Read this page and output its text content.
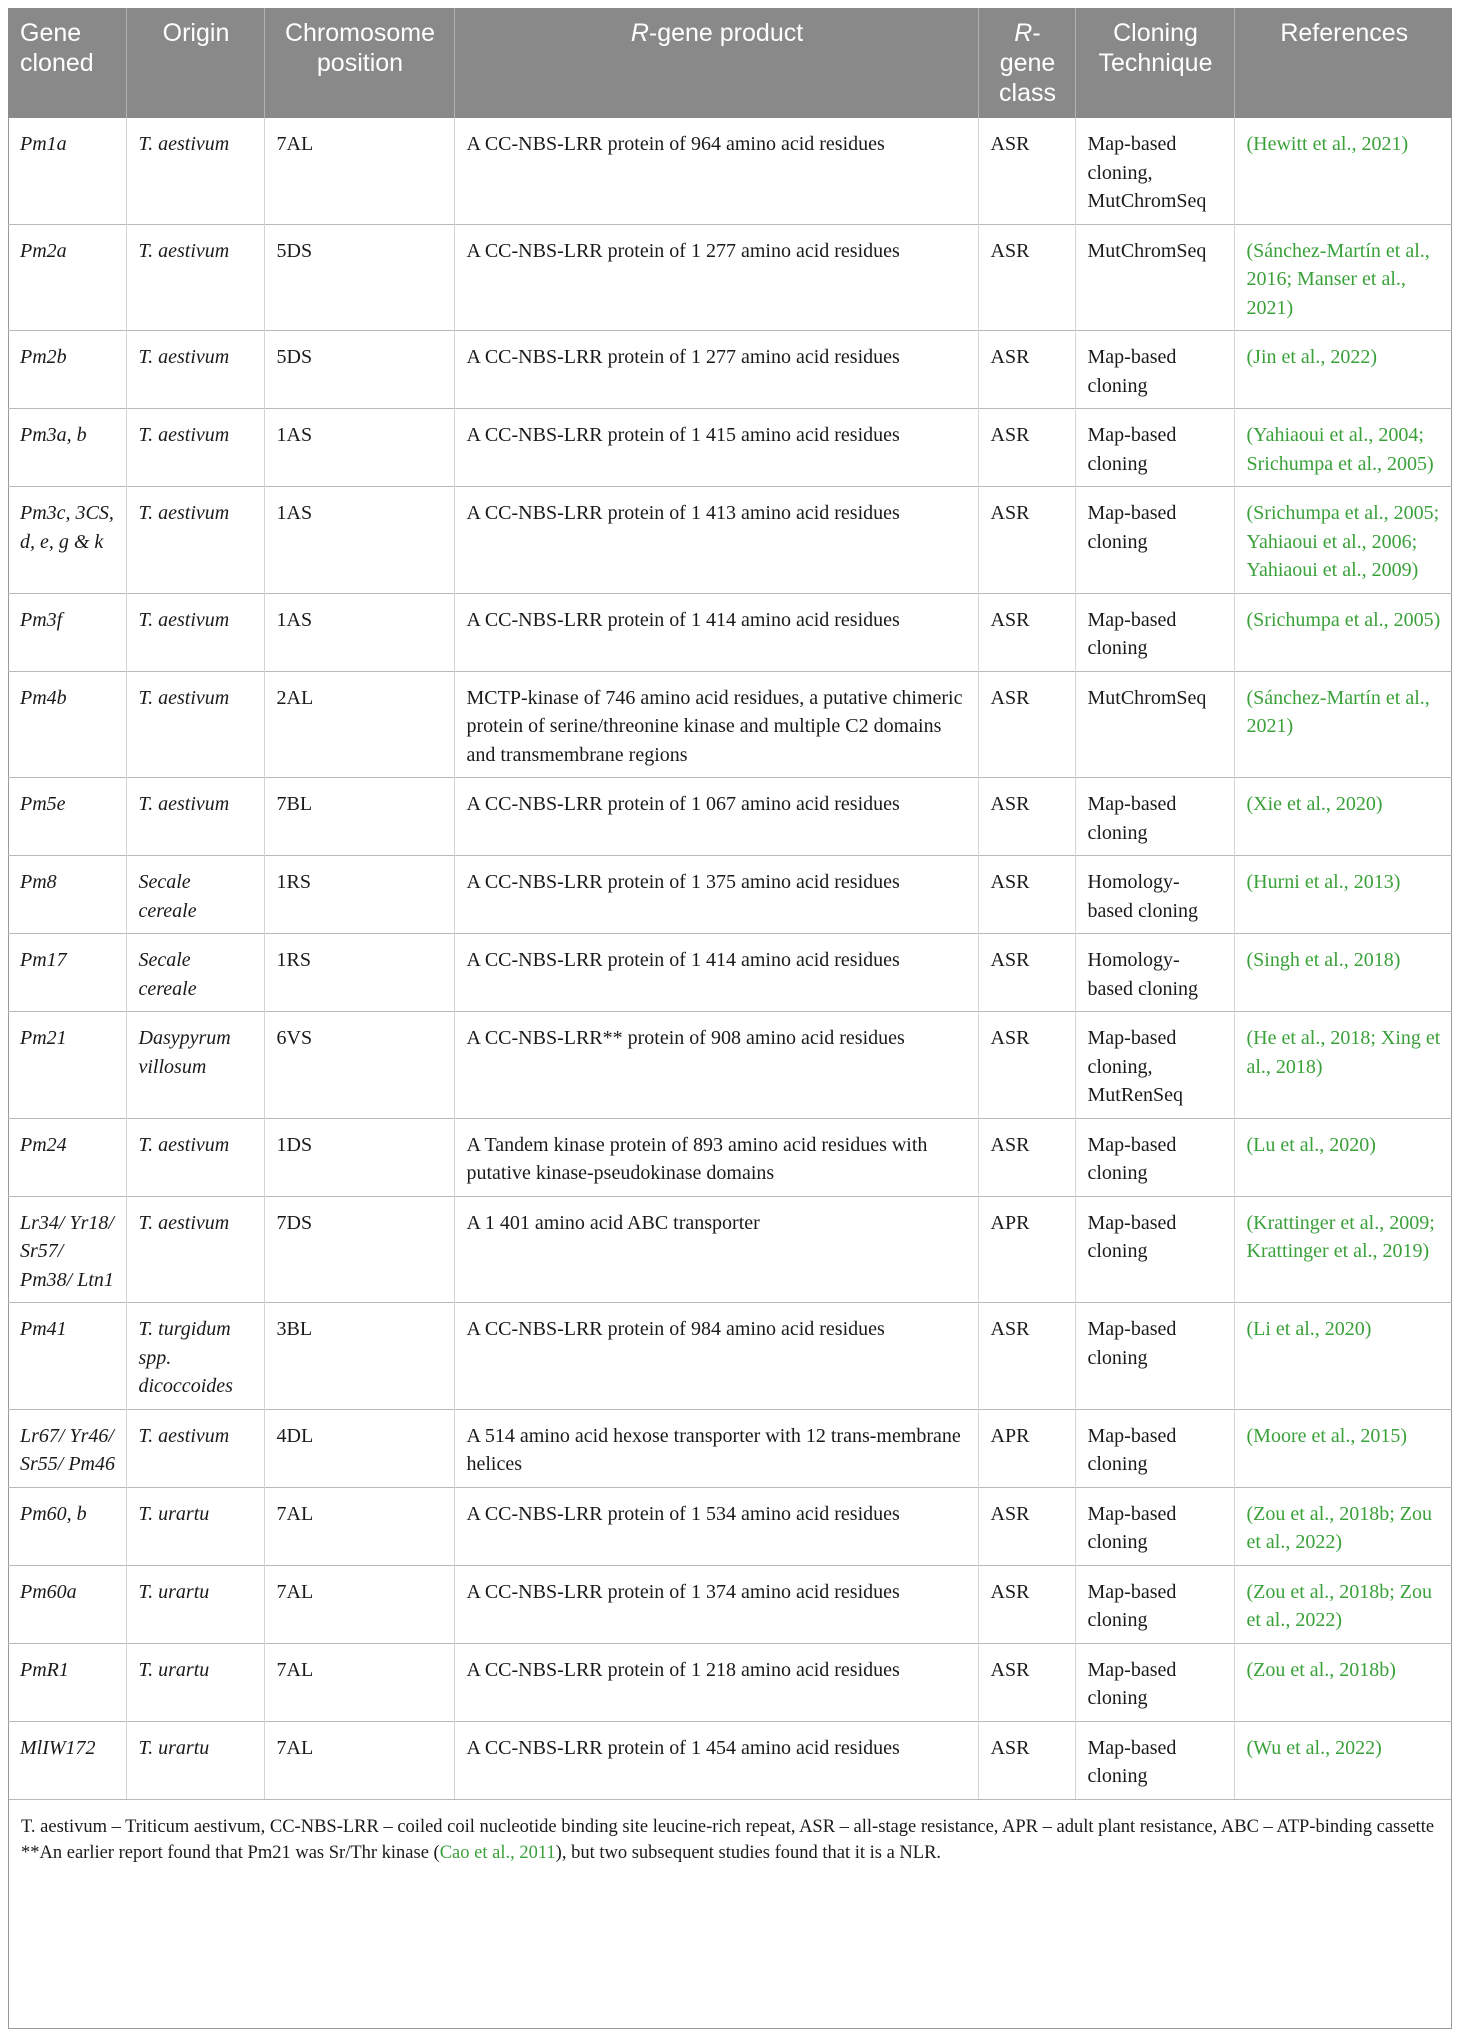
Gene cloned	Origin	Chromosome position	R-gene product	R-gene class	Cloning Technique	References
Pm1a	T. aestivum	7AL	A CC-NBS-LRR protein of 964 amino acid residues	ASR	Map-based cloning, MutChromSeq	(Hewitt et al., 2021)
Pm2a	T. aestivum	5DS	A CC-NBS-LRR protein of 1 277 amino acid residues	ASR	MutChromSeq	(Sánchez-Martín et al., 2016; Manser et al., 2021)
Pm2b	T. aestivum	5DS	A CC-NBS-LRR protein of 1 277 amino acid residues	ASR	Map-based cloning	(Jin et al., 2022)
Pm3a, b	T. aestivum	1AS	A CC-NBS-LRR protein of 1 415 amino acid residues	ASR	Map-based cloning	(Yahiaoui et al., 2004; Srichumpa et al., 2005)
Pm3c, 3CS, d, e, g & k	T. aestivum	1AS	A CC-NBS-LRR protein of 1 413 amino acid residues	ASR	Map-based cloning	(Srichumpa et al., 2005; Yahiaoui et al., 2006; Yahiaoui et al., 2009)
Pm3f	T. aestivum	1AS	A CC-NBS-LRR protein of 1 414 amino acid residues	ASR	Map-based cloning	(Srichumpa et al., 2005)
Pm4b	T. aestivum	2AL	MCTP-kinase of 746 amino acid residues, a putative chimeric protein of serine/threonine kinase and multiple C2 domains and transmembrane regions	ASR	MutChromSeq	(Sánchez-Martín et al., 2021)
Pm5e	T. aestivum	7BL	A CC-NBS-LRR protein of 1 067 amino acid residues	ASR	Map-based cloning	(Xie et al., 2020)
Pm8	Secale cereale	1RS	A CC-NBS-LRR protein of 1 375 amino acid residues	ASR	Homology-based cloning	(Hurni et al., 2013)
Pm17	Secale cereale	1RS	A CC-NBS-LRR protein of 1 414 amino acid residues	ASR	Homology-based cloning	(Singh et al., 2018)
Pm21	Dasypyrum villosum	6VS	A CC-NBS-LRR** protein of 908 amino acid residues	ASR	Map-based cloning, MutRenSeq	(He et al., 2018; Xing et al., 2018)
Pm24	T. aestivum	1DS	A Tandem kinase protein of 893 amino acid residues with putative kinase-pseudokinase domains	ASR	Map-based cloning	(Lu et al., 2020)
Lr34/ Yr18/ Sr57/ Pm38/ Ltn1	T. aestivum	7DS	A 1 401 amino acid ABC transporter	APR	Map-based cloning	(Krattinger et al., 2009; Krattinger et al., 2019)
Pm41	T. turgidum spp. dicoccoides	3BL	A CC-NBS-LRR protein of 984 amino acid residues	ASR	Map-based cloning	(Li et al., 2020)
Lr67/ Yr46/ Sr55/ Pm46	T. aestivum	4DL	A 514 amino acid hexose transporter with 12 trans-membrane helices	APR	Map-based cloning	(Moore et al., 2015)
Pm60, b	T. urartu	7AL	A CC-NBS-LRR protein of 1 534 amino acid residues	ASR	Map-based cloning	(Zou et al., 2018b; Zou et al., 2022)
Pm60a	T. urartu	7AL	A CC-NBS-LRR protein of 1 374 amino acid residues	ASR	Map-based cloning	(Zou et al., 2018b; Zou et al., 2022)
PmR1	T. urartu	7AL	A CC-NBS-LRR protein of 1 218 amino acid residues	ASR	Map-based cloning	(Zou et al., 2018b)
MlIW172	T. urartu	7AL	A CC-NBS-LRR protein of 1 454 amino acid residues	ASR	Map-based cloning	(Wu et al., 2022)
T. aestivum – Triticum aestivum, CC-NBS-LRR – coiled coil nucleotide binding site leucine-rich repeat, ASR – all-stage resistance, APR – adult plant resistance, ABC – ATP-binding cassette
**An earlier report found that Pm21 was Sr/Thr kinase (Cao et al., 2011), but two subsequent studies found that it is a NLR.
